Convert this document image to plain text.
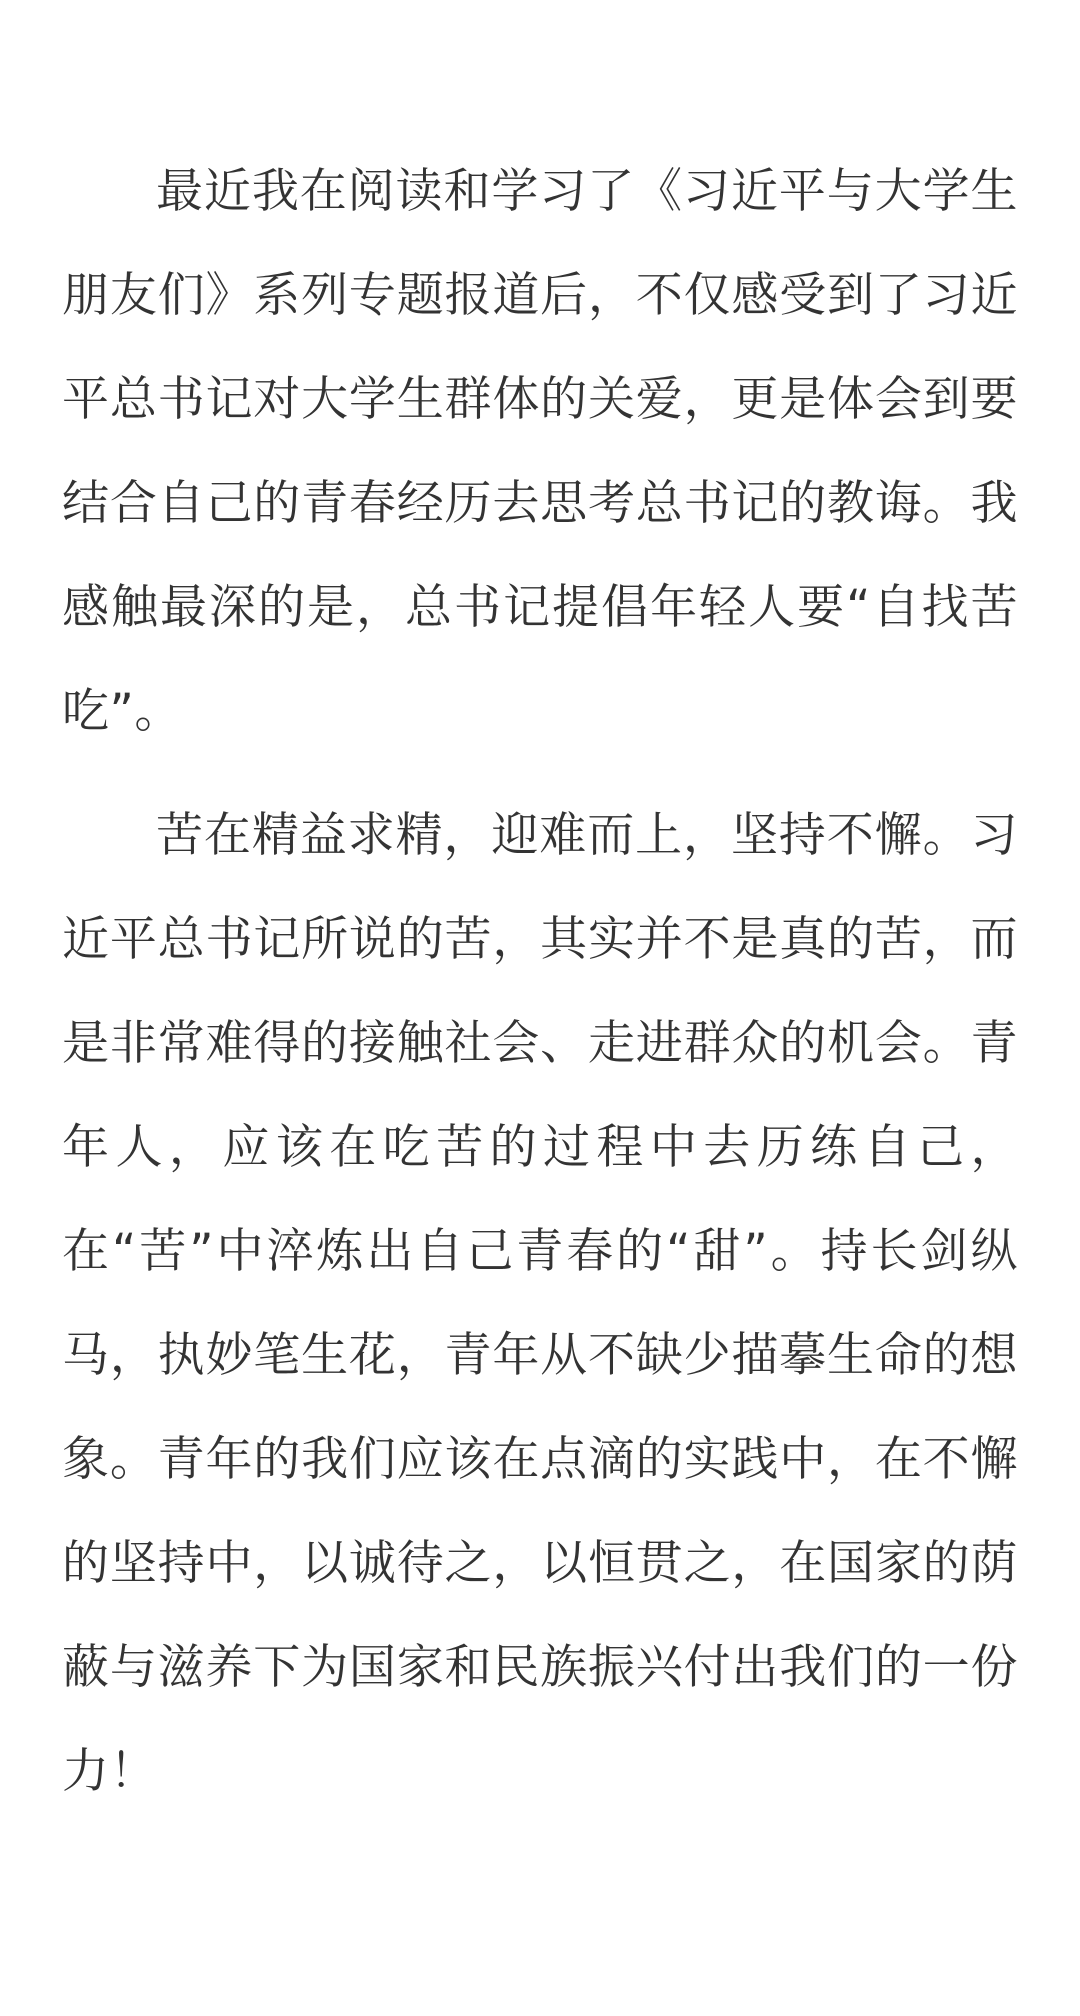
最近我在阅读和学习了《习近平与大学生朋友们》系列专题报道后，不仅感受到了习近平总书记对大学生群体的关爱，更是体会到要结合自己的青春经历去思考总书记的教诲。我感触最深的是，总书记提倡年轻人要“自找苦吃”。

苦在精益求精，迎难而上，坚持不懈。习近平总书记所说的苦，其实并不是真的苦，而是非常难得的接触社会、走进群众的机会。青年人，应该在吃苦的过程中去历练自己，在“苦”中淬炼出自己青春的“甜”。持长剑纵马，执妙笔生花，青年从不缺少描摹生命的想象。青年的我们应该在点滴的实践中，在不懈的坚持中，以诚待之，以恒贯之，在国家的荫蔽与滋养下为国家和民族振兴付出我们的一份力！
